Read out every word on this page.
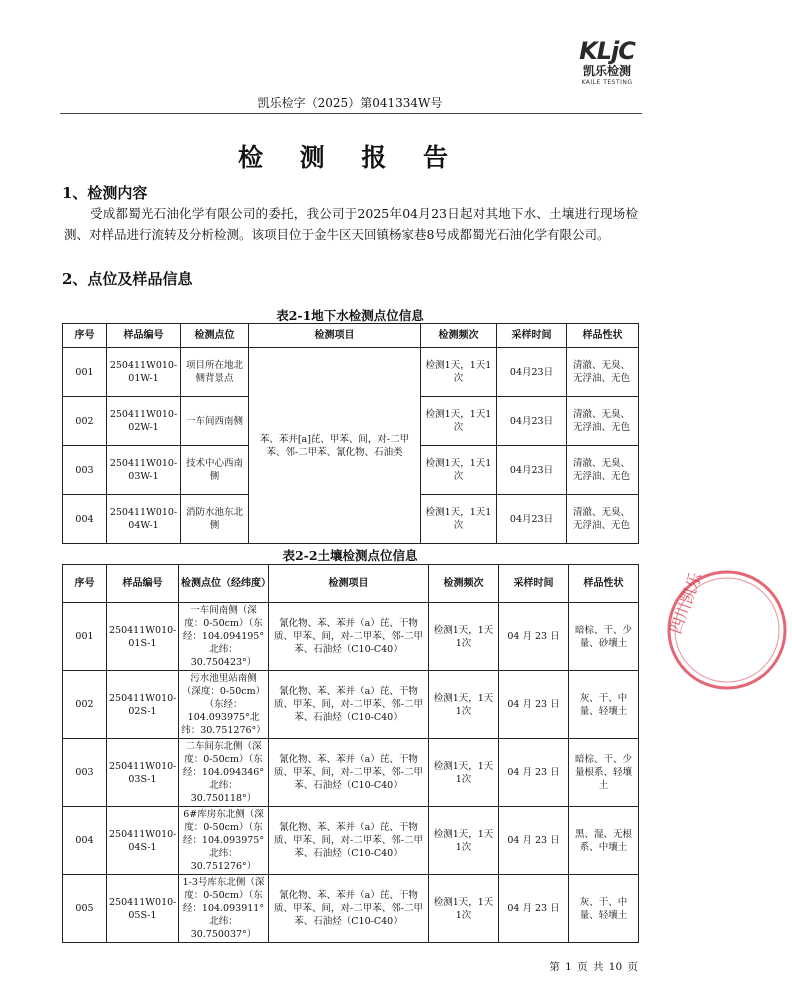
KLjC
凯乐检测
KAILE TESTING
凯乐检字（2025）第041334W号
检 测 报 告
1、检测内容
受成都蜀光石油化学有限公司的委托，我公司于2025年04月23日起对其地下水、土壤进行现场检测、对样品进行流转及分析检测。该项目位于金牛区天回镇杨家巷8号成都蜀光石油化学有限公司。
2、点位及样品信息
表2-1地下水检测点位信息
序号	样品编号	检测点位	检测项目	检测频次	采样时间	样品性状
001	250411W010-01W-1	项目所在地北侧背景点	苯、苯并[a]芘、甲苯、间，对-二甲苯、邻-二甲苯、氰化物、石油类	检测1天，1天1次	04月23日	清澈、无臭、无浮油、无色
002	250411W010-02W-1	一车间西南侧		检测1天，1天1次	04月23日	清澈、无臭、无浮油、无色
003	250411W010-03W-1	技术中心西南侧		检测1天，1天1次	04月23日	清澈、无臭、无浮油、无色
004	250411W010-04W-1	消防水池东北侧		检测1天，1天1次	04月23日	清澈、无臭、无浮油、无色
表2-2土壤检测点位信息
序号	样品编号	检测点位（经纬度）	检测项目	检测频次	采样时间	样品性状
001	250411W010-01S-1	一车间南侧（深度：0-50cm）（东经：104.094195°北纬：30.750423°）	氰化物、苯、苯并（a）芘、干物质、甲苯、间，对-二甲苯、邻-二甲苯、石油烃（C10-C40）	检测1天，1天1次	04 月 23 日	暗棕、干、少量、砂壤土
002	250411W010-02S-1	污水池里站南侧（深度：0-50cm）（东经：104.093975°北纬：30.751276°）	氰化物、苯、苯并（a）芘、干物质、甲苯、间，对-二甲苯、邻-二甲苯、石油烃（C10-C40）	检测1天，1天1次	04 月 23 日	灰、干、中量、轻壤土
003	250411W010-03S-1	二车间东北侧（深度：0-50cm）（东经：104.094346°北纬：30.750118°）	氰化物、苯、苯并（a）芘、干物质、甲苯、间，对-二甲苯、邻-二甲苯、石油烃（C10-C40）	检测1天，1天1次	04 月 23 日	暗棕、干、少量根系、轻壤土
004	250411W010-04S-1	6#库房东北侧（深度：0-50cm）（东经：104.093975°北纬：30.751276°）	氰化物、苯、苯并（a）芘、干物质、甲苯、间，对-二甲苯、邻-二甲苯、石油烃（C10-C40）	检测1天，1天1次	04 月 23 日	黑、湿、无根系、中壤土
005	250411W010-05S-1	1-3号库东北侧（深度：0-50cm）（东经：104.093911°北纬：30.750037°）	氰化物、苯、苯并（a）芘、干物质、甲苯、间，对-二甲苯、邻-二甲苯、石油烃（C10-C40）	检测1天，1天1次	04 月 23 日	灰、干、中量、轻壤土
四川凯乐
第 1 页 共 10 页
